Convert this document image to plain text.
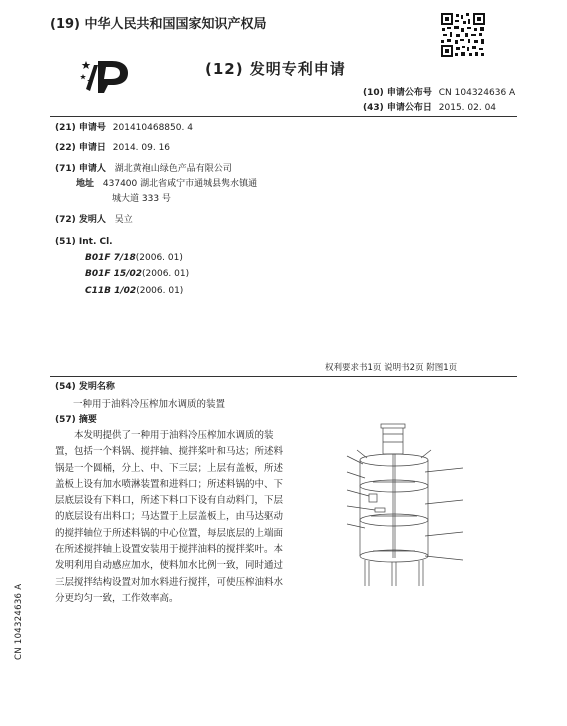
(19) 中华人民共和国国家知识产权局
(12) 发明专利申请
(10) 申请公布号 CN 104324636 A
(43) 申请公布日 2015. 02. 04
(21) 申请号 201410468850. 4
(22) 申请日 2014. 09. 16
(71) 申请人 湖北黄袍山绿色产品有限公司
地址 437400 湖北省咸宁市通城县隽水镇通
城大道 333 号
(72) 发明人 吴立
(51) Int. Cl.
B01F 7/18(2006. 01)
B01F 15/02(2006. 01)
C11B 1/02(2006. 01)
权利要求书1页 说明书2页 附图1页
(54) 发明名称
一种用于油料冷压榨加水调质的装置
(57) 摘要
本发明提供了一种用于油料冷压榨加水调质的装置，包括一个料锅、搅拌轴、搅拌桨叶和马达；所述料锅是一个圆桶，分上、中、下三层；上层有盖板，所述盖板上设有加水喷淋装置和进料口；所述料锅的中、下层底层设有下料口，所述下料口下设有自动料门，下层的底层设有出料口；马达置于上层盖板上，由马达驱动的搅拌轴位于所述料锅的中心位置，每层底层的上端面在所述搅拌轴上设置安装用于搅拌油料的搅拌桨叶。本发明利用自动感应加水，使料加水比例一致，同时通过三层搅拌结构设置对加水料进行搅拌，可使压榨油料水分更均匀一致，工作效率高。
CN 104324636 A
